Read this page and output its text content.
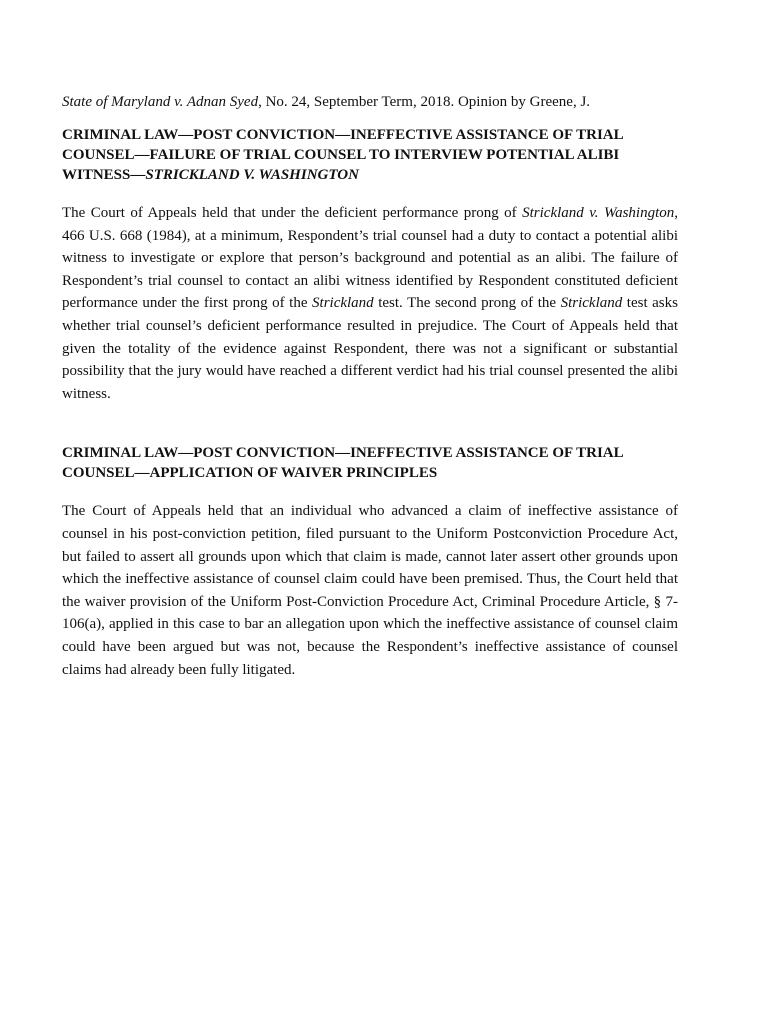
State of Maryland v. Adnan Syed, No. 24, September Term, 2018. Opinion by Greene, J.

CRIMINAL LAW—POST CONVICTION—INEFFECTIVE ASSISTANCE OF TRIAL COUNSEL—FAILURE OF TRIAL COUNSEL TO INTERVIEW POTENTIAL ALIBI WITNESS—STRICKLAND V. WASHINGTON

The Court of Appeals held that under the deficient performance prong of Strickland v. Washington, 466 U.S. 668 (1984), at a minimum, Respondent’s trial counsel had a duty to contact a potential alibi witness to investigate or explore that person’s background and potential as an alibi. The failure of Respondent’s trial counsel to contact an alibi witness identified by Respondent constituted deficient performance under the first prong of the Strickland test. The second prong of the Strickland test asks whether trial counsel’s deficient performance resulted in prejudice. The Court of Appeals held that given the totality of the evidence against Respondent, there was not a significant or substantial possibility that the jury would have reached a different verdict had his trial counsel presented the alibi witness.

CRIMINAL LAW—POST CONVICTION—INEFFECTIVE ASSISTANCE OF TRIAL COUNSEL—APPLICATION OF WAIVER PRINCIPLES

The Court of Appeals held that an individual who advanced a claim of ineffective assistance of counsel in his post-conviction petition, filed pursuant to the Uniform Postconviction Procedure Act, but failed to assert all grounds upon which that claim is made, cannot later assert other grounds upon which the ineffective assistance of counsel claim could have been premised. Thus, the Court held that the waiver provision of the Uniform Post-Conviction Procedure Act, Criminal Procedure Article, § 7-106(a), applied in this case to bar an allegation upon which the ineffective assistance of counsel claim could have been argued but was not, because the Respondent’s ineffective assistance of counsel claims had already been fully litigated.
